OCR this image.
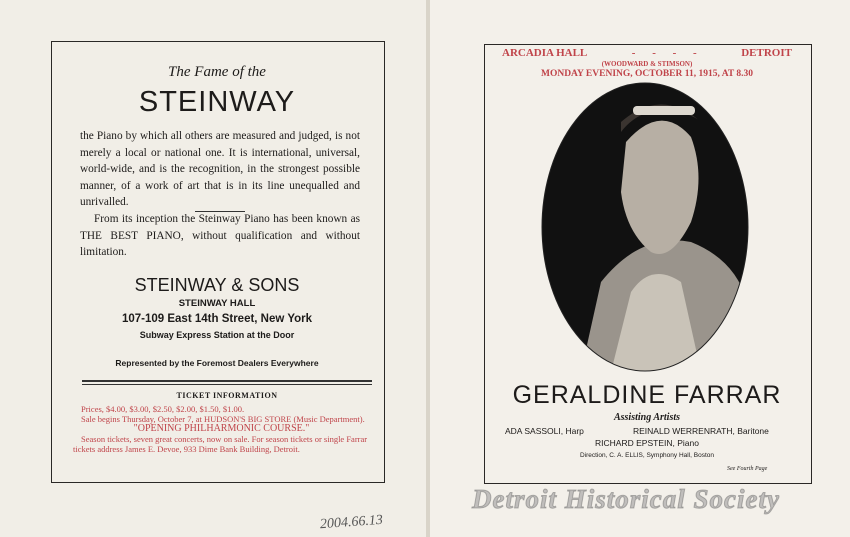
The Fame of the
STEINWAY

the Piano by which all others are measured and judged, is not merely a local or national one. It is international, universal, world-wide, and is the recognition, in the strongest possible manner, of a work of art that is in its line unequalled and unrivalled.

From its inception the Steinway Piano has been known as THE BEST PIANO, without qualification and without limitation.

STEINWAY & SONS
STEINWAY HALL
107-109 East 14th Street, New York
Subway Express Station at the Door
Represented by the Foremost Dealers Everywhere
TICKET INFORMATION

Prices, $4.00, $3.00, $2.50, $2.00, $1.50, $1.00.

Sale begins Thursday, October 7, at HUDSON'S BIG STORE (Music Department).

"OPENING PHILHARMONIC COURSE."

Season tickets, seven great concerts, now on sale. For season tickets or single Farrar tickets address James E. Devoe, 933 Dime Bank Building, Detroit.

2004.66.13
ARCADIA HALL	- - - -	DETROIT
(WOODWARD & STIMSON)
MONDAY EVENING, OCTOBER 11, 1915, AT 8.30
GERALDINE FARRAR
Assisting Artists
ADA SASSOLI, Harp	REINALD WERRENRATH, Baritone
RICHARD EPSTEIN, Piano
Direction, C. A. ELLIS, Symphony Hall, Boston
See Fourth Page
Detroit Historical Society
